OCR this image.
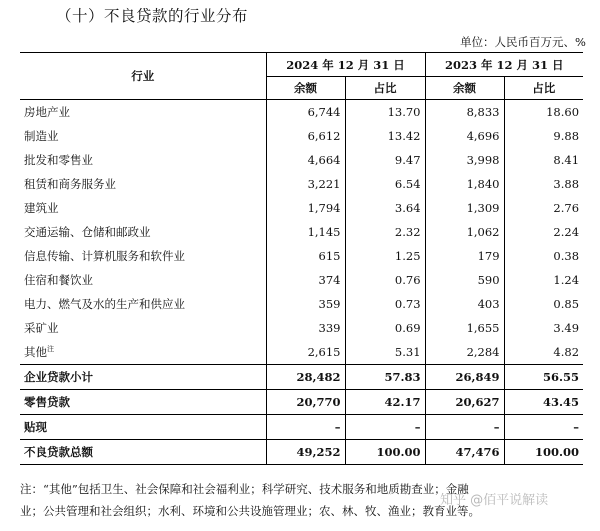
（十）不良贷款的行业分布
单位：人民币百万元、%
行业	2024 年 12 月 31 日		2023 年 12 月 31 日	
	余额	占比	余额	占比
房地产业	6,744	13.70	8,833	18.60
制造业	6,612	13.42	4,696	9.88
批发和零售业	4,664	9.47	3,998	8.41
租赁和商务服务业	3,221	6.54	1,840	3.88
建筑业	1,794	3.64	1,309	2.76
交通运输、仓储和邮政业	1,145	2.32	1,062	2.24
信息传输、计算机服务和软件业	615	1.25	179	0.38
住宿和餐饮业	374	0.76	590	1.24
电力、燃气及水的生产和供应业	359	0.73	403	0.85
采矿业	339	0.69	1,655	3.49
其他$^注$	2,615	5.31	2,284	4.82
企业贷款小计	28,482	57.83	26,849	56.55
零售贷款	20,770	42.17	20,627	43.45
贴现	–	–	–	–
不良贷款总额	49,252	100.00	47,476	100.00
注：“其他”包括卫生、社会保障和社会福利业；科学研究、技术服务和地质勘查业；金融
业；公共管理和社会组织；水利、环境和公共设施管理业；农、林、牧、渔业；教育业等。
知乎 @佰平说解读
